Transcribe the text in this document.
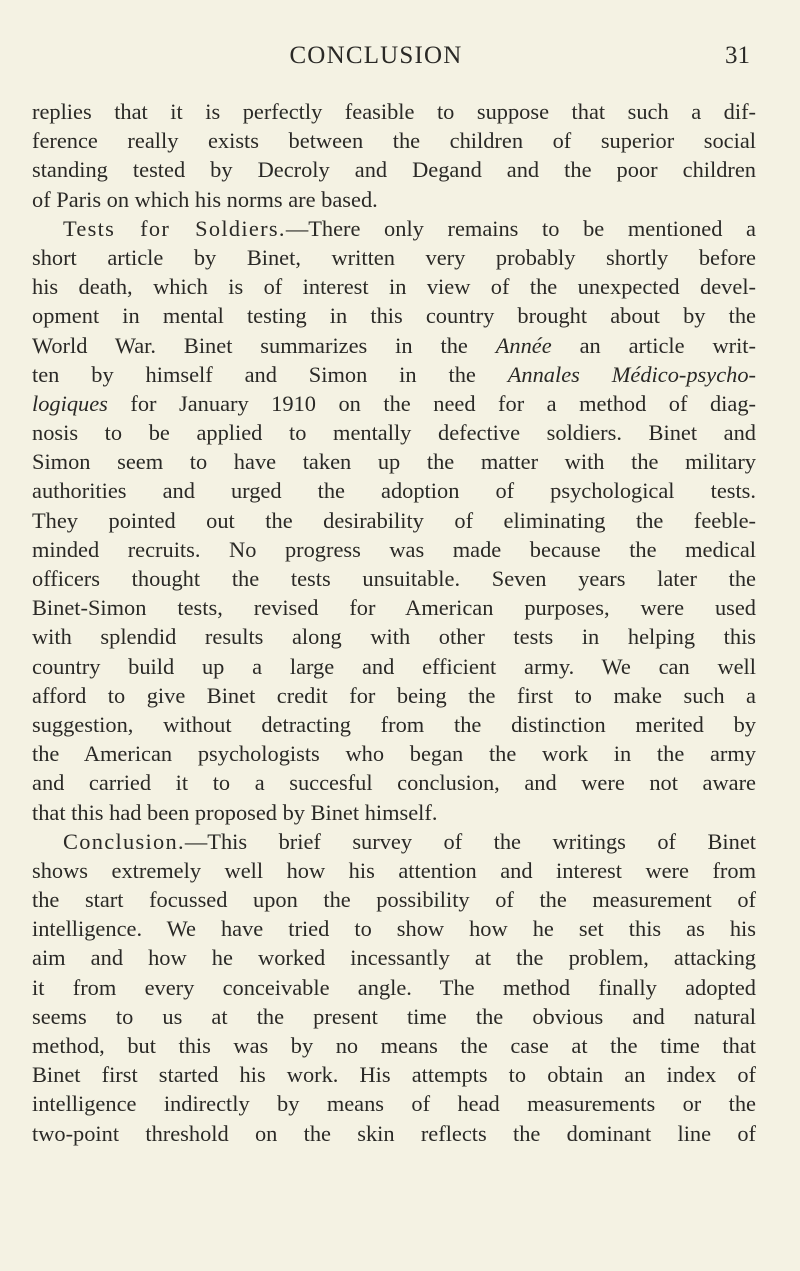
CONCLUSION	31
replies that it is perfectly feasible to suppose that such a dif-
ference really exists between the children of superior social
standing tested by Decroly and Degand and the poor children
of Paris on which his norms are based.
Tests for Soldiers.—There only remains to be mentioned a
short article by Binet, written very probably shortly before
his death, which is of interest in view of the unexpected devel-
opment in mental testing in this country brought about by the
World War. Binet summarizes in the Année an article writ-
ten by himself and Simon in the Annales Médico-psycho-
logiques for January 1910 on the need for a method of diag-
nosis to be applied to mentally defective soldiers. Binet and
Simon seem to have taken up the matter with the military
authorities and urged the adoption of psychological tests.
They pointed out the desirability of eliminating the feeble-
minded recruits. No progress was made because the medical
officers thought the tests unsuitable. Seven years later the
Binet-Simon tests, revised for American purposes, were used
with splendid results along with other tests in helping this
country build up a large and efficient army. We can well
afford to give Binet credit for being the first to make such a
suggestion, without detracting from the distinction merited by
the American psychologists who began the work in the army
and carried it to a succesful conclusion, and were not aware
that this had been proposed by Binet himself.
Conclusion.—This brief survey of the writings of Binet
shows extremely well how his attention and interest were from
the start focussed upon the possibility of the measurement of
intelligence. We have tried to show how he set this as his
aim and how he worked incessantly at the problem, attacking
it from every conceivable angle. The method finally adopted
seems to us at the present time the obvious and natural
method, but this was by no means the case at the time that
Binet first started his work. His attempts to obtain an index of
intelligence indirectly by means of head measurements or the
two-point threshold on the skin reflects the dominant line of
